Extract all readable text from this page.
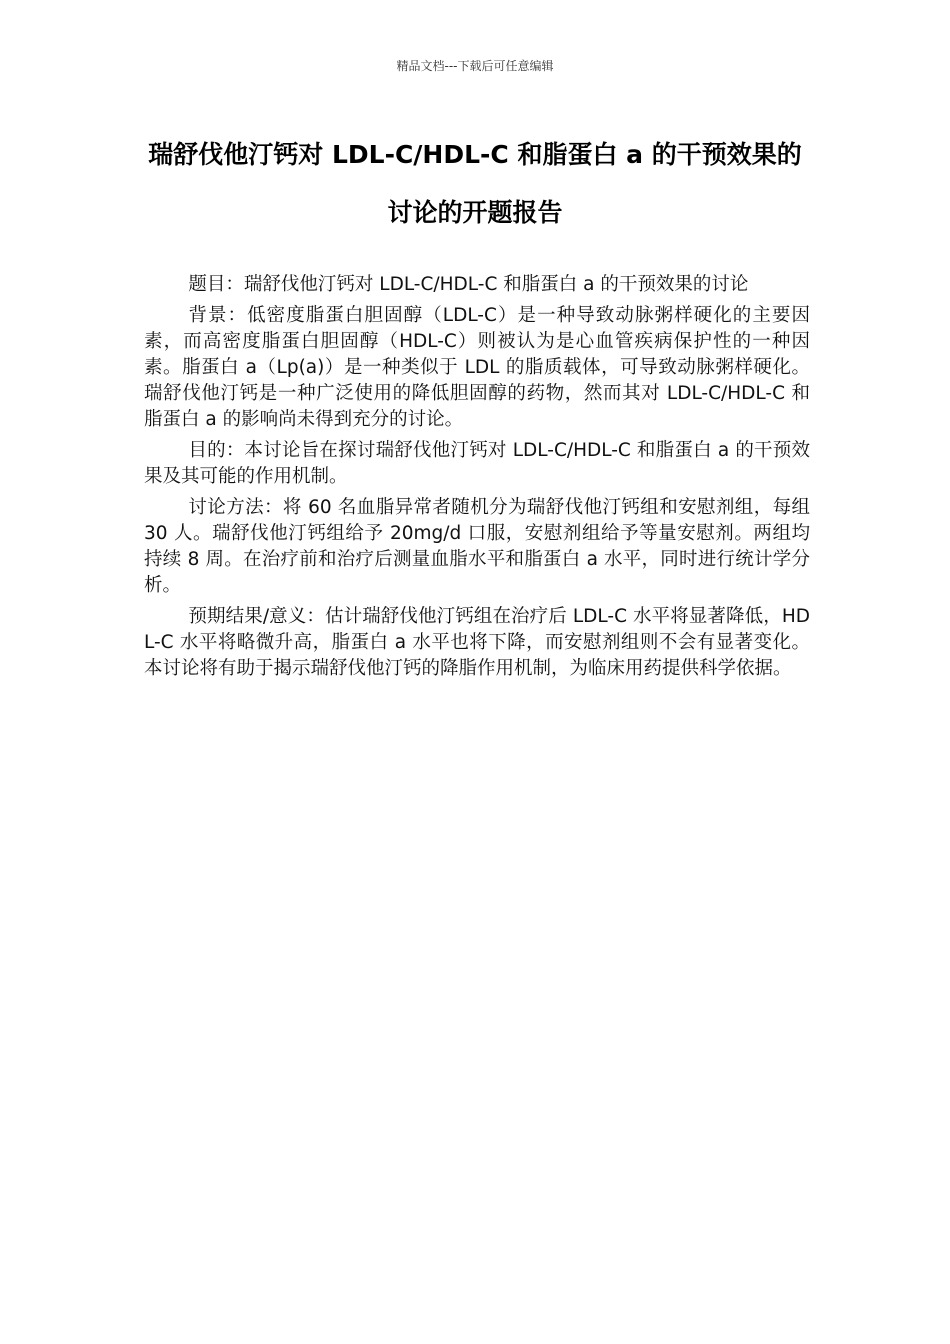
精品文档---下载后可任意编辑
瑞舒伐他汀钙对 LDL-C/HDL-C 和脂蛋白 a 的干预效果的讨论的开题报告

题目：瑞舒伐他汀钙对 LDL-C/HDL-C 和脂蛋白 a 的干预效果的讨论

背景：低密度脂蛋白胆固醇（LDL-C）是一种导致动脉粥样硬化的主要因素，而高密度脂蛋白胆固醇（HDL-C）则被认为是心血管疾病保护性的一种因素。脂蛋白 a（Lp(a)）是一种类似于 LDL 的脂质载体，可导致动脉粥样硬化。瑞舒伐他汀钙是一种广泛使用的降低胆固醇的药物，然而其对 LDL-C/HDL-C 和脂蛋白 a 的影响尚未得到充分的讨论。

目的：本讨论旨在探讨瑞舒伐他汀钙对 LDL-C/HDL-C 和脂蛋白 a 的干预效果及其可能的作用机制。

讨论方法：将 60 名血脂异常者随机分为瑞舒伐他汀钙组和安慰剂组，每组 30 人。瑞舒伐他汀钙组给予 20mg/d 口服，安慰剂组给予等量安慰剂。两组均持续 8 周。在治疗前和治疗后测量血脂水平和脂蛋白 a 水平，同时进行统计学分析。

预期结果/意义：估计瑞舒伐他汀钙组在治疗后 LDL-C 水平将显著降低，HDL-C 水平将略微升高，脂蛋白 a 水平也将下降，而安慰剂组则不会有显著变化。本讨论将有助于揭示瑞舒伐他汀钙的降脂作用机制，为临床用药提供科学依据。
